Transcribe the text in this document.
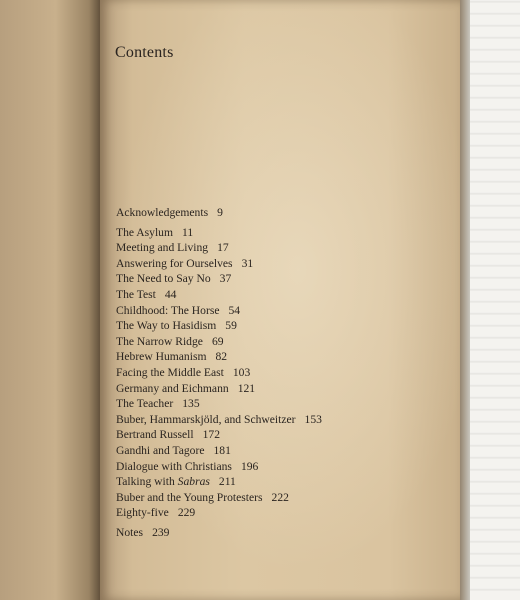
Contents
Acknowledgements 9
The Asylum 11
Meeting and Living 17
Answering for Ourselves 31
The Need to Say No 37
The Test 44
Childhood: The Horse 54
The Way to Hasidism 59
The Narrow Ridge 69
Hebrew Humanism 82
Facing the Middle East 103
Germany and Eichmann 121
The Teacher 135
Buber, Hammarskjöld, and Schweitzer 153
Bertrand Russell 172
Gandhi and Tagore 181
Dialogue with Christians 196
Talking with Sabras 211
Buber and the Young Protesters 222
Eighty-five 229
Notes 239
